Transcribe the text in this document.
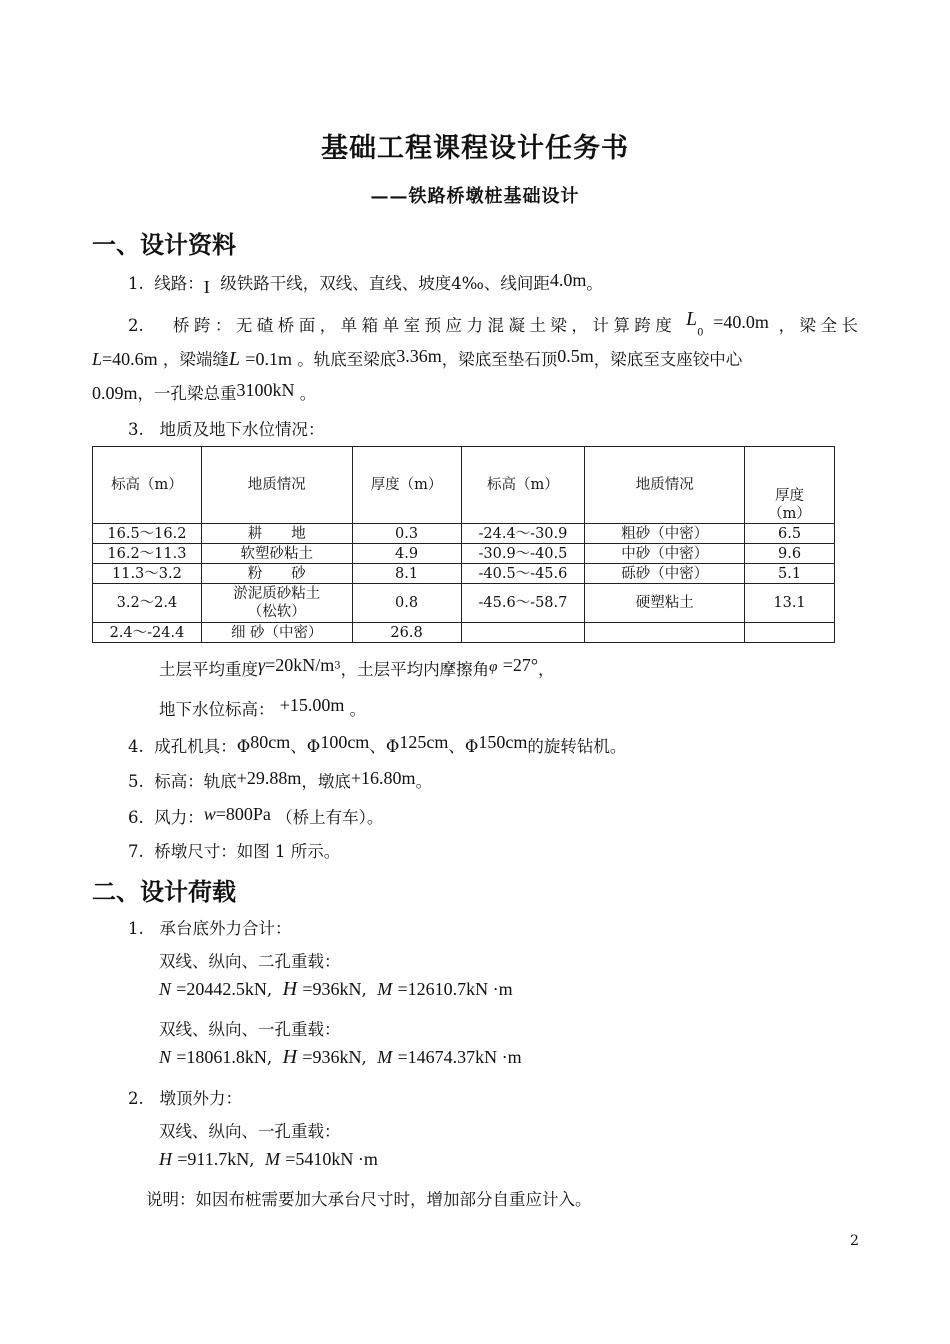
基础工程课程设计任务书
——铁路桥墩桩基础设计
一、设计资料
1. 线路：I 级铁路干线，双线、直线、坡度4‰、线间距4.0m。
2. 桥跨：无碴桥面，单箱单室预应力混凝土梁，计算跨度 $L_0 =40.0m$ ，梁全长
L=40.6m ，梁端缝L =0.1m 。轨底至梁底3.36m，梁底至垫石顶0.5m，梁底至支座铰中心
0.09m，一孔梁总重3100kN 。
3. 地质及地下水位情况：
标高（m）	地质情况	厚度（m）	标高（m）	地质情况	厚度
（m）
16.5～16.2	耕　　地	0.3	-24.4～-30.9	粗砂（中密）	6.5
16.2～11.3	软塑砂粘土	4.9	-30.9～-40.5	中砂（中密）	9.6
11.3～3.2	粉　　砂	8.1	-40.5～-45.6	砾砂（中密）	5.1
3.2～2.4	淤泥质砂粘土
（松软）	0.8	-45.6～-58.7	硬塑粘土	13.1
2.4～-24.4	细 砂（中密）	26.8			
土层平均重度$\gamma=20kN/m^3$，土层平均内摩擦角φ =27°，
地下水位标高： +15.00m 。
4. 成孔机具：Φ80cm、Φ100cm、Φ125cm、Φ150cm的旋转钻机。
5. 标高：轨底+29.88m，墩底+16.80m。
6. 风力：w=800Pa （桥上有车）。
7. 桥墩尺寸：如图 1 所示。
二、设计荷载
1. 承台底外力合计：
双线、纵向、二孔重载：
N =20442.5kN, H =936kN, M =12610.7kN ·m
双线、纵向、一孔重载：
N =18061.8kN, H =936kN, M =14674.37kN ·m
2. 墩顶外力：
双线、纵向、一孔重载：
H =911.7kN, M =5410kN ·m
说明：如因布桩需要加大承台尺寸时，增加部分自重应计入。
2
